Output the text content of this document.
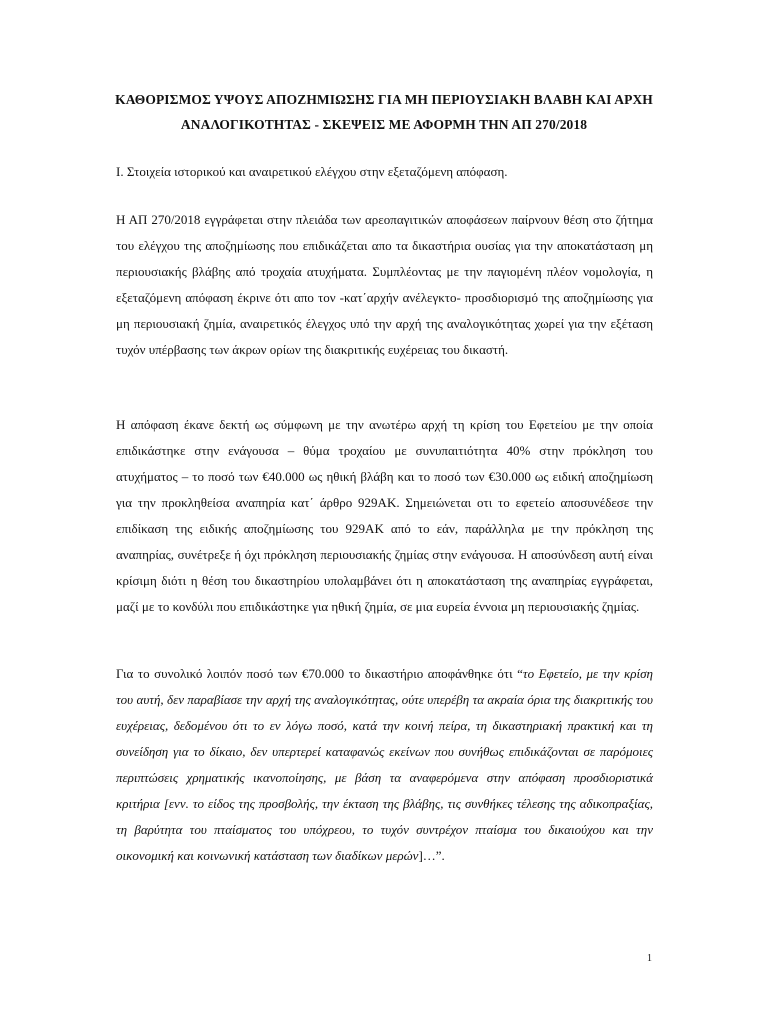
ΚΑΘΟΡΙΣΜΟΣ ΥΨΟΥΣ ΑΠΟΖΗΜΙΩΣΗΣ ΓΙΑ ΜΗ ΠΕΡΙΟΥΣΙΑΚΗ ΒΛΑΒΗ ΚΑΙ ΑΡΧΗ
ΑΝΑΛΟΓΙΚΟΤΗΤΑΣ - ΣΚΕΨΕΙΣ ΜΕ ΑΦΟΡΜΗ ΤΗΝ ΑΠ 270/2018
Ι. Στοιχεία ιστορικού και αναιρετικού ελέγχου στην εξεταζόμενη απόφαση.

Η ΑΠ 270/2018 εγγράφεται στην πλειάδα των αρεοπαγιτικών αποφάσεων παίρνουν θέση στο ζήτημα του ελέγχου της αποζημίωσης που επιδικάζεται απο τα δικαστήρια ουσίας για την αποκατάσταση μη περιουσιακής βλάβης από τροχαία ατυχήματα. Συμπλέοντας με την παγιομένη πλέον νομολογία, η εξεταζόμενη απόφαση έκρινε ότι απο τον -κατ΄αρχήν ανέλεγκτο- προσδιορισμό της αποζημίωσης για μη περιουσιακή ζημία, αναιρετικός έλεγχος υπό την αρχή της αναλογικότητας χωρεί για την εξέταση τυχόν υπέρβασης των άκρων ορίων της διακριτικής ευχέρειας του δικαστή.

Η απόφαση έκανε δεκτή ως σύμφωνη με την ανωτέρω αρχή τη κρίση του Εφετείου με την οποία επιδικάστηκε στην ενάγουσα – θύμα τροχαίου με συνυπαιτιότητα 40% στην πρόκληση του ατυχήματος – το ποσό των €40.000 ως ηθική βλάβη και το ποσό των €30.000 ως ειδική αποζημίωση για την προκληθείσα αναπηρία κατ΄ άρθρο 929ΑΚ. Σημειώνεται οτι το εφετείο αποσυνέδεσε την επιδίκαση της ειδικής αποζημίωσης του 929ΑΚ από το εάν, παράλληλα με την πρόκληση της αναπηρίας, συνέτρεξε ή όχι πρόκληση περιουσιακής ζημίας στην ενάγουσα. Η αποσύνδεση αυτή είναι κρίσιμη διότι η θέση του δικαστηρίου υπολαμβάνει ότι η αποκατάσταση της αναπηρίας εγγράφεται, μαζί με το κονδύλι που επιδικάστηκε για ηθική ζημία, σε μια ευρεία έννοια μη περιουσιακής ζημίας.

Για το συνολικό λοιπόν ποσό των €70.000 το δικαστήριο αποφάνθηκε ότι “το Εφετείο, με την κρίση του αυτή, δεν παραβίασε την αρχή της αναλογικότητας, ούτε υπερέβη τα ακραία όρια της διακριτικής του ευχέρειας, δεδομένου ότι το εν λόγω ποσό, κατά την κοινή πείρα, τη δικαστηριακή πρακτική και τη συνείδηση για το δίκαιο, δεν υπερτερεί καταφανώς εκείνων που συνήθως επιδικάζονται σε παρόμοιες περιπτώσεις χρηματικής ικανοποίησης, με βάση τα αναφερόμενα στην απόφαση προσδιοριστικά κριτήρια [ενν. το είδος της προσβολής, την έκταση της βλάβης, τις συνθήκες τέλεσης της αδικοπραξίας, τη βαρύτητα του πταίσματος του υπόχρεου, το τυχόν συντρέχον πταίσμα του δικαιούχου και την οικονομική και κοινωνική κατάσταση των διαδίκων μερών]…”.

1
